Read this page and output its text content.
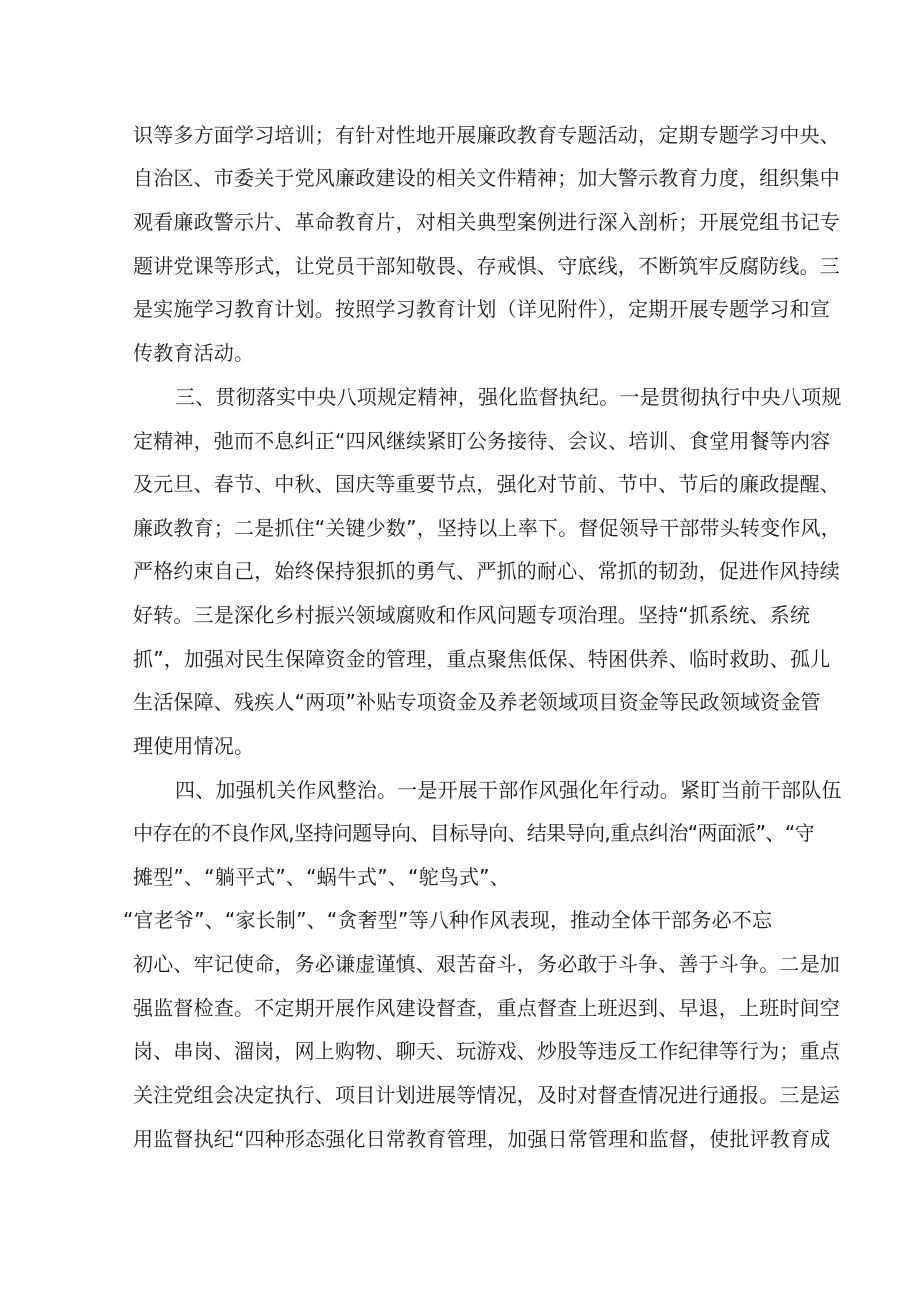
识等多方面学习培训；有针对性地开展廉政教育专题活动，定期专题学习中央、
自治区、市委关于党风廉政建设的相关文件精神；加大警示教育力度，组织集中
观看廉政警示片、革命教育片，对相关典型案例进行深入剖析；开展党组书记专
题讲党课等形式，让党员干部知敬畏、存戒惧、守底线，不断筑牢反腐防线。三
是实施学习教育计划。按照学习教育计划（详见附件），定期开展专题学习和宣
传教育活动。
三、贯彻落实中央八项规定精神，强化监督执纪。一是贯彻执行中央八项规
定精神，弛而不息纠正“四风继续紧盯公务接待、会议、培训、食堂用餐等内容
及元旦、春节、中秋、国庆等重要节点，强化对节前、节中、节后的廉政提醒、
廉政教育；二是抓住“关键少数”，坚持以上率下。督促领导干部带头转变作风，
严格约束自己，始终保持狠抓的勇气、严抓的耐心、常抓的韧劲，促进作风持续
好转。三是深化乡村振兴领域腐败和作风问题专项治理。坚持“抓系统、系统
抓”，加强对民生保障资金的管理，重点聚焦低保、特困供养、临时救助、孤儿
生活保障、残疾人“两项”补贴专项资金及养老领域项目资金等民政领域资金管
理使用情况。
四、加强机关作风整治。一是开展干部作风强化年行动。紧盯当前干部队伍
中存在的不良作风,坚持问题导向、目标导向、结果导向,重点纠治“两面派”、“守
摊型”、“躺平式”、“蜗牛式”、“鸵鸟式”、
“官老爷”、“家长制”、“贪奢型”等八种作风表现，推动全体干部务必不忘
初心、牢记使命，务必谦虚谨慎、艰苦奋斗，务必敢于斗争、善于斗争。二是加
强监督检查。不定期开展作风建设督查，重点督查上班迟到、早退，上班时间空
岗、串岗、溜岗，网上购物、聊天、玩游戏、炒股等违反工作纪律等行为；重点
关注党组会决定执行、项目计划进展等情况，及时对督查情况进行通报。三是运
用监督执纪“四种形态强化日常教育管理，加强日常管理和监督，使批评教育成
